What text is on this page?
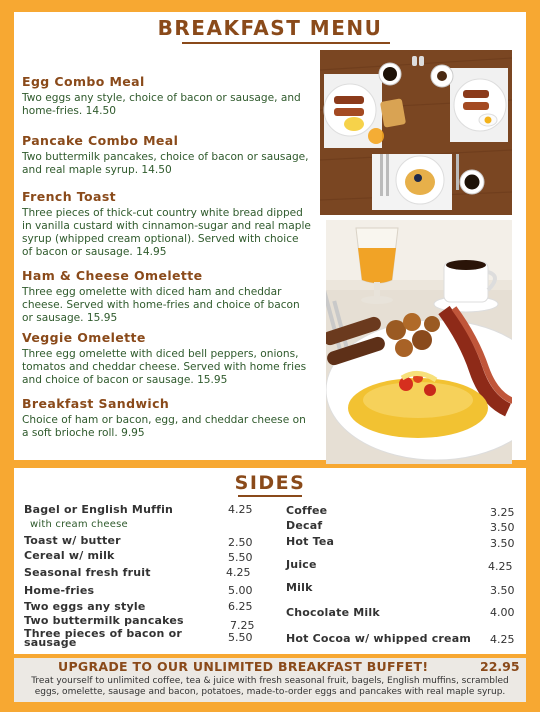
BREAKFAST MENU
Egg Combo Meal
Two eggs any style, choice of bacon or sausage, and home-fries. 14.50
Pancake Combo Meal
Two buttermilk pancakes, choice of bacon or sausage, and real maple syrup. 14.50
French Toast
Three pieces of thick-cut country white bread dipped in vanilla custard with cinnamon-sugar and real maple syrup (whipped cream optional). Served with choice of bacon or sausage. 14.95
Ham & Cheese Omelette
Three egg omelette with diced ham and cheddar cheese. Served with home-fries and choice of bacon or sausage. 15.95
Veggie Omelette
Three egg omelette with diced bell peppers, onions, tomatos and cheddar cheese. Served with home fries and choice of bacon or sausage. 15.95
Breakfast Sandwich
Choice of ham or bacon, egg, and cheddar cheese on a soft brioche roll. 9.95
SIDES
Bagel or English Muffin	4.25
with cream cheese
Toast w/ butter	2.50
Cereal w/ milk	5.50
Seasonal fresh fruit	4.25
Home-fries	5.00
Two eggs any style	6.25
Two buttermilk pancakes	7.25
Three pieces of bacon or sausage	5.50
Coffee	3.25
Decaf	3.50
Hot Tea	3.50
Juice	4.25
Milk	3.50
Chocolate Milk	4.00
Hot Cocoa w/ whipped cream 4.25
UPGRADE TO OUR UNLIMITED BREAKFAST BUFFET!	22.95
Treat yourself to unlimited coffee, tea & juice with fresh seasonal fruit, bagels, English muffins, scrambled eggs, omelette, sausage and bacon, potatoes, made-to-order eggs and pancakes with real maple syrup.
